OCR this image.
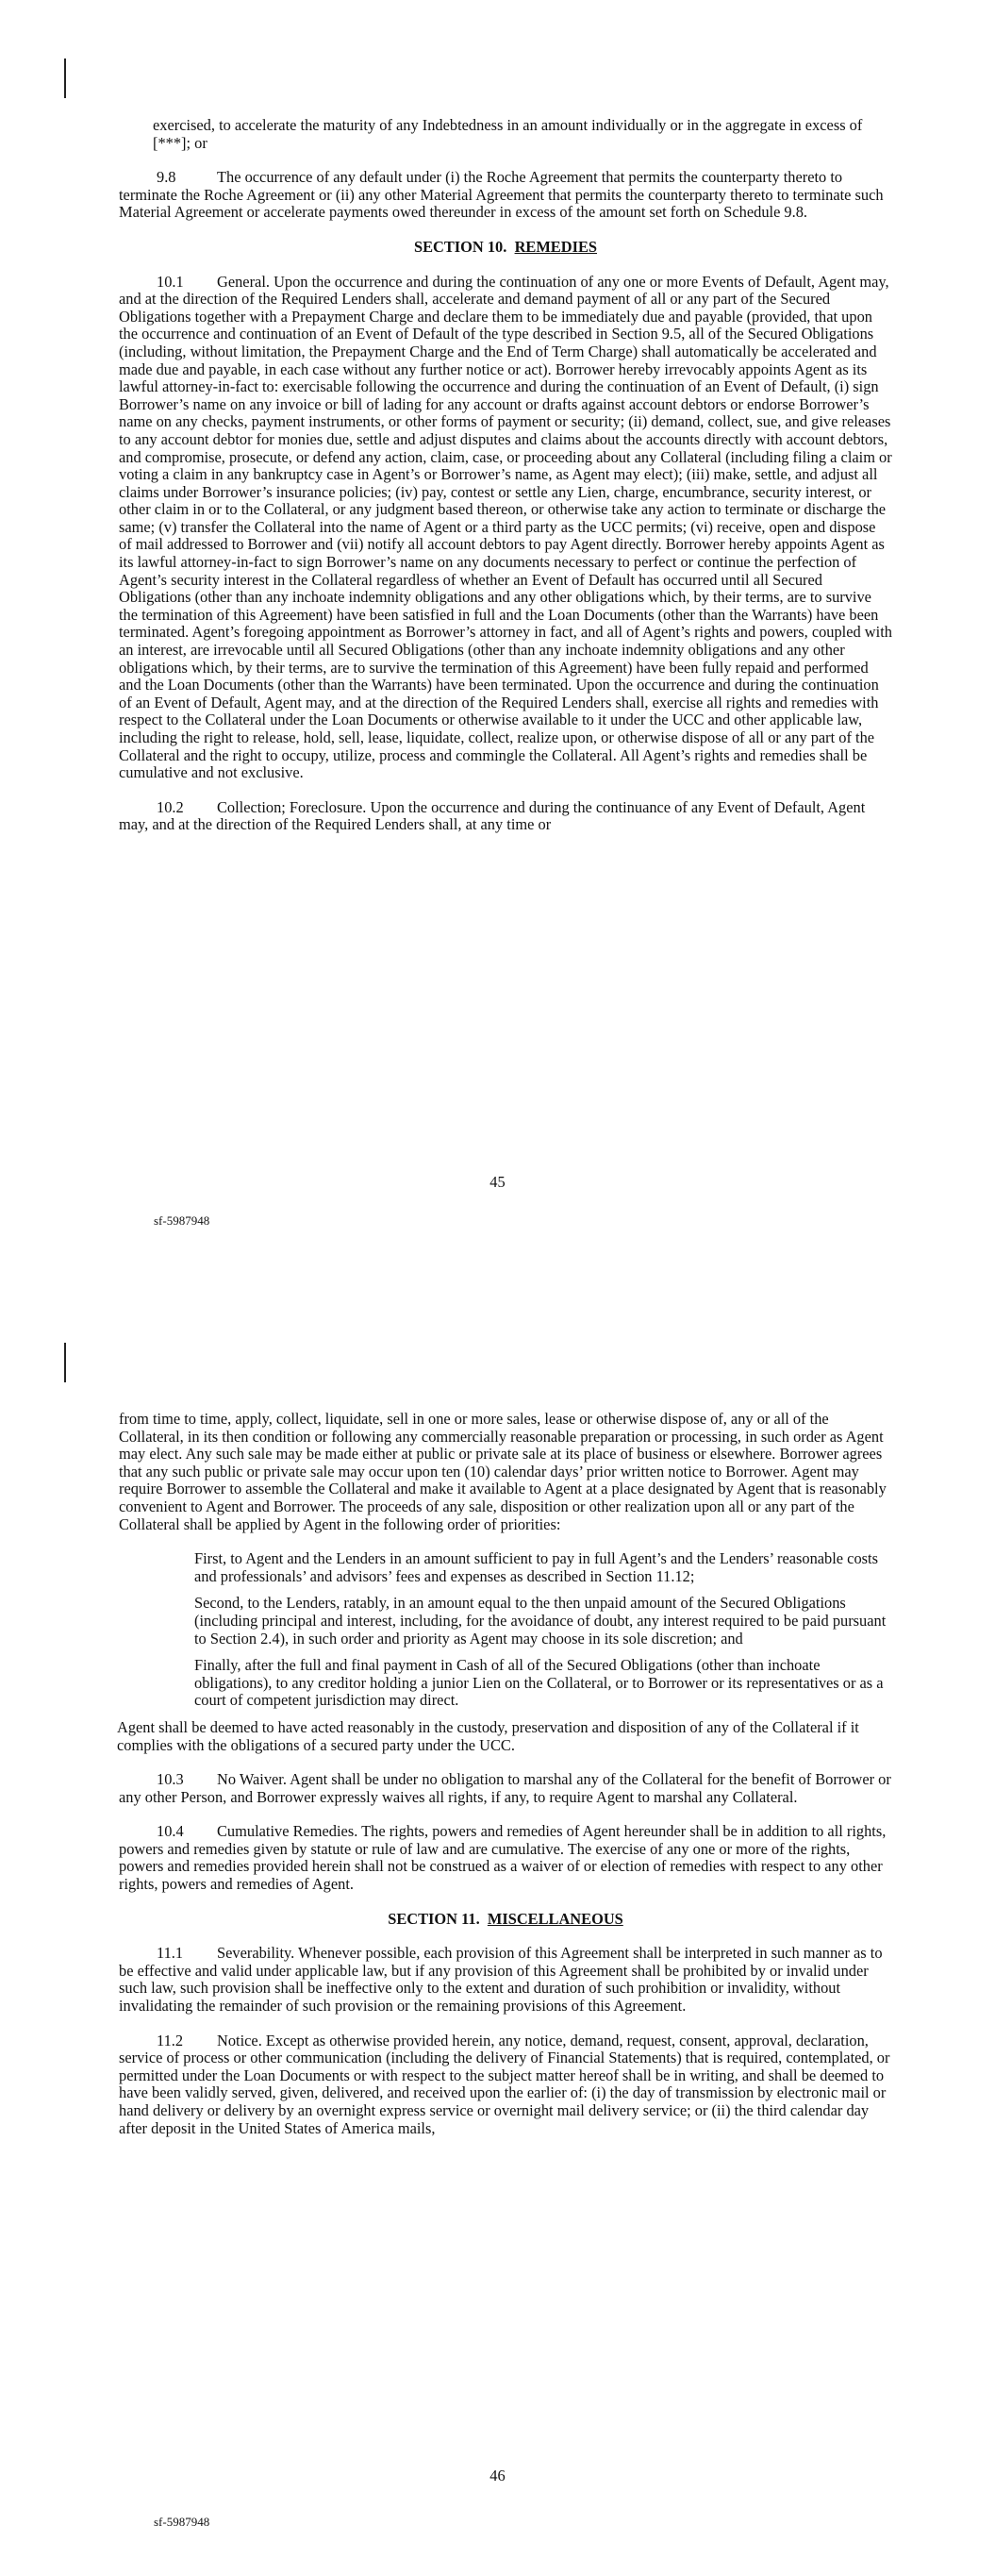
exercised, to accelerate the maturity of any Indebtedness in an amount individually or in the aggregate in excess of [***]; or

9.8	The occurrence of any default under (i) the Roche Agreement that permits the counterparty thereto to terminate the Roche Agreement or (ii) any other Material Agreement that permits the counterparty thereto to terminate such Material Agreement or accelerate payments owed thereunder in excess of the amount set forth on Schedule 9.8.

SECTION 10. REMEDIES

10.1 General. Upon the occurrence and during the continuation of any one or more Events of Default, Agent may, and at the direction of the Required Lenders shall, accelerate and demand payment of all or any part of the Secured Obligations together with a Prepayment Charge and declare them to be immediately due and payable (provided, that upon the occurrence and continuation of an Event of Default of the type described in Section 9.5, all of the Secured Obligations (including, without limitation, the Prepayment Charge and the End of Term Charge) shall automatically be accelerated and made due and payable, in each case without any further notice or act). Borrower hereby irrevocably appoints Agent as its lawful attorney-in-fact to: exercisable following the occurrence and during the continuation of an Event of Default, (i) sign Borrower’s name on any invoice or bill of lading for any account or drafts against account debtors or endorse Borrower’s name on any checks, payment instruments, or other forms of payment or security; (ii) demand, collect, sue, and give releases to any account debtor for monies due, settle and adjust disputes and claims about the accounts directly with account debtors, and compromise, prosecute, or defend any action, claim, case, or proceeding about any Collateral (including filing a claim or voting a claim in any bankruptcy case in Agent’s or Borrower’s name, as Agent may elect); (iii) make, settle, and adjust all claims under Borrower’s insurance policies; (iv) pay, contest or settle any Lien, charge, encumbrance, security interest, or other claim in or to the Collateral, or any judgment based thereon, or otherwise take any action to terminate or discharge the same; (v) transfer the Collateral into the name of Agent or a third party as the UCC permits; (vi) receive, open and dispose of mail addressed to Borrower and (vii) notify all account debtors to pay Agent directly. Borrower hereby appoints Agent as its lawful attorney-in-fact to sign Borrower’s name on any documents necessary to perfect or continue the perfection of Agent’s security interest in the Collateral regardless of whether an Event of Default has occurred until all Secured Obligations (other than any inchoate indemnity obligations and any other obligations which, by their terms, are to survive the termination of this Agreement) have been satisfied in full and the Loan Documents (other than the Warrants) have been terminated. Agent’s foregoing appointment as Borrower’s attorney in fact, and all of Agent’s rights and powers, coupled with an interest, are irrevocable until all Secured Obligations (other than any inchoate indemnity obligations and any other obligations which, by their terms, are to survive the termination of this Agreement) have been fully repaid and performed and the Loan Documents (other than the Warrants) have been terminated. Upon the occurrence and during the continuation of an Event of Default, Agent may, and at the direction of the Required Lenders shall, exercise all rights and remedies with respect to the Collateral under the Loan Documents or otherwise available to it under the UCC and other applicable law, including the right to release, hold, sell, lease, liquidate, collect, realize upon, or otherwise dispose of all or any part of the Collateral and the right to occupy, utilize, process and commingle the Collateral. All Agent’s rights and remedies shall be cumulative and not exclusive.

10.2 Collection; Foreclosure. Upon the occurrence and during the continuance of any Event of Default, Agent may, and at the direction of the Required Lenders shall, at any time or

45
sf-5987948

from time to time, apply, collect, liquidate, sell in one or more sales, lease or otherwise dispose of, any or all of the Collateral, in its then condition or following any commercially reasonable preparation or processing, in such order as Agent may elect. Any such sale may be made either at public or private sale at its place of business or elsewhere. Borrower agrees that any such public or private sale may occur upon ten (10) calendar days’ prior written notice to Borrower. Agent may require Borrower to assemble the Collateral and make it available to Agent at a place designated by Agent that is reasonably convenient to Agent and Borrower. The proceeds of any sale, disposition or other realization upon all or any part of the Collateral shall be applied by Agent in the following order of priorities:

First, to Agent and the Lenders in an amount sufficient to pay in full Agent’s and the Lenders’ reasonable costs and professionals’ and advisors’ fees and expenses as described in Section 11.12;

Second, to the Lenders, ratably, in an amount equal to the then unpaid amount of the Secured Obligations (including principal and interest, including, for the avoidance of doubt, any interest required to be paid pursuant to Section 2.4), in such order and priority as Agent may choose in its sole discretion; and

Finally, after the full and final payment in Cash of all of the Secured Obligations (other than inchoate obligations), to any creditor holding a junior Lien on the Collateral, or to Borrower or its representatives or as a court of competent jurisdiction may direct.

Agent shall be deemed to have acted reasonably in the custody, preservation and disposition of any of the Collateral if it complies with the obligations of a secured party under the UCC.

10.3 No Waiver. Agent shall be under no obligation to marshal any of the Collateral for the benefit of Borrower or any other Person, and Borrower expressly waives all rights, if any, to require Agent to marshal any Collateral.

10.4 Cumulative Remedies. The rights, powers and remedies of Agent hereunder shall be in addition to all rights, powers and remedies given by statute or rule of law and are cumulative. The exercise of any one or more of the rights, powers and remedies provided herein shall not be construed as a waiver of or election of remedies with respect to any other rights, powers and remedies of Agent.

SECTION 11. MISCELLANEOUS

11.1 Severability. Whenever possible, each provision of this Agreement shall be interpreted in such manner as to be effective and valid under applicable law, but if any provision of this Agreement shall be prohibited by or invalid under such law, such provision shall be ineffective only to the extent and duration of such prohibition or invalidity, without invalidating the remainder of such provision or the remaining provisions of this Agreement.

11.2 Notice. Except as otherwise provided herein, any notice, demand, request, consent, approval, declaration, service of process or other communication (including the delivery of Financial Statements) that is required, contemplated, or permitted under the Loan Documents or with respect to the subject matter hereof shall be in writing, and shall be deemed to have been validly served, given, delivered, and received upon the earlier of: (i) the day of transmission by electronic mail or hand delivery or delivery by an overnight express service or overnight mail delivery service; or (ii) the third calendar day after deposit in the United States of America mails,

46
sf-5987948
